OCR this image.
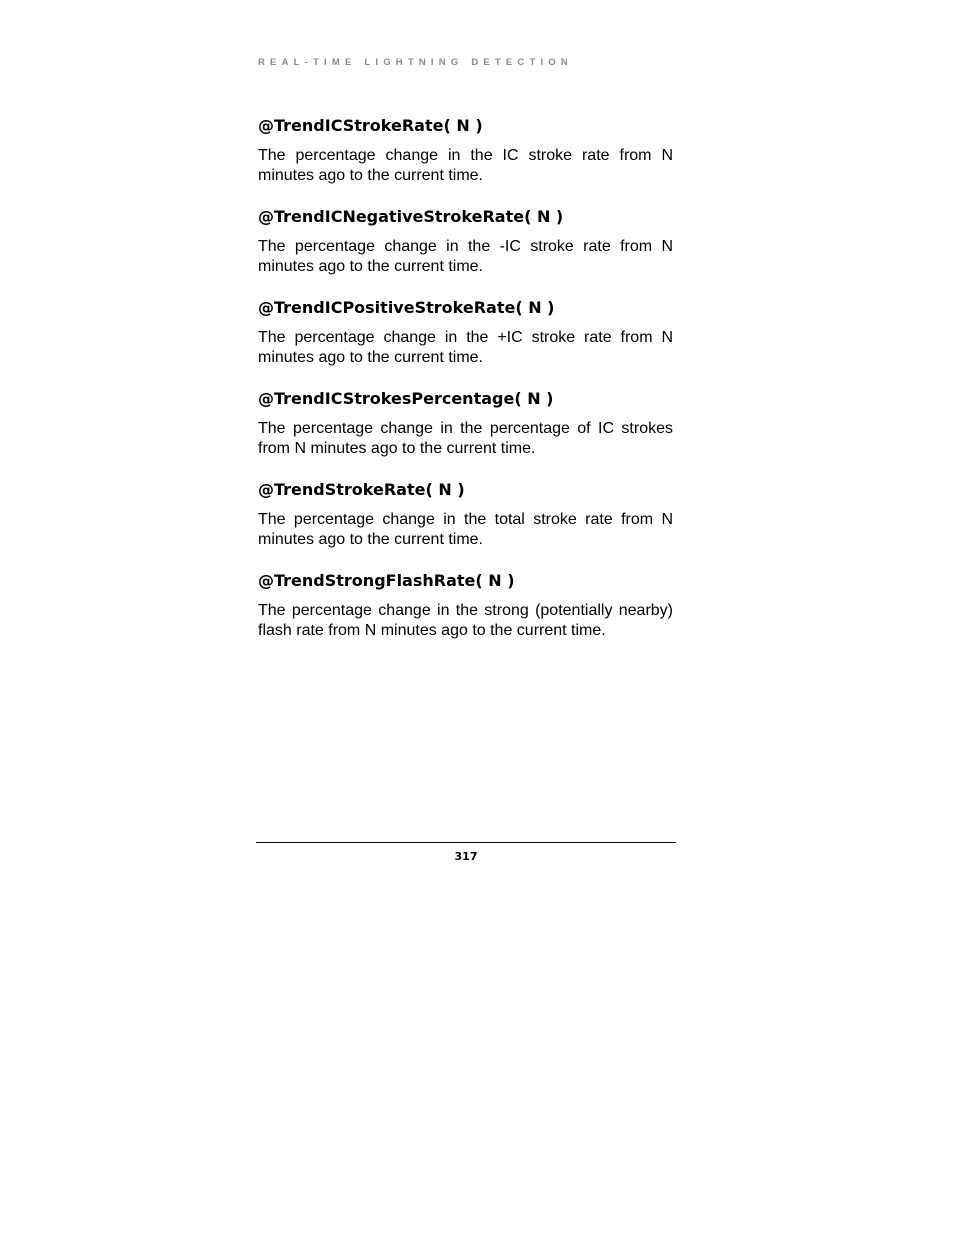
REAL-TIME LIGHTNING DETECTION
@TrendICStrokeRate( N )

The percentage change in the IC stroke rate from N minutes ago to the current time.

@TrendICNegativeStrokeRate( N )

The percentage change in the -IC stroke rate from N minutes ago to the current time.

@TrendICPositiveStrokeRate( N )

The percentage change in the +IC stroke rate from N minutes ago to the current time.

@TrendICStrokesPercentage( N )

The percentage change in the percentage of IC strokes from N minutes ago to the current time.

@TrendStrokeRate( N )

The percentage change in the total stroke rate from N minutes ago to the current time.

@TrendStrongFlashRate( N )

The percentage change in the strong (potentially nearby) flash rate from N minutes ago to the current time.

317
